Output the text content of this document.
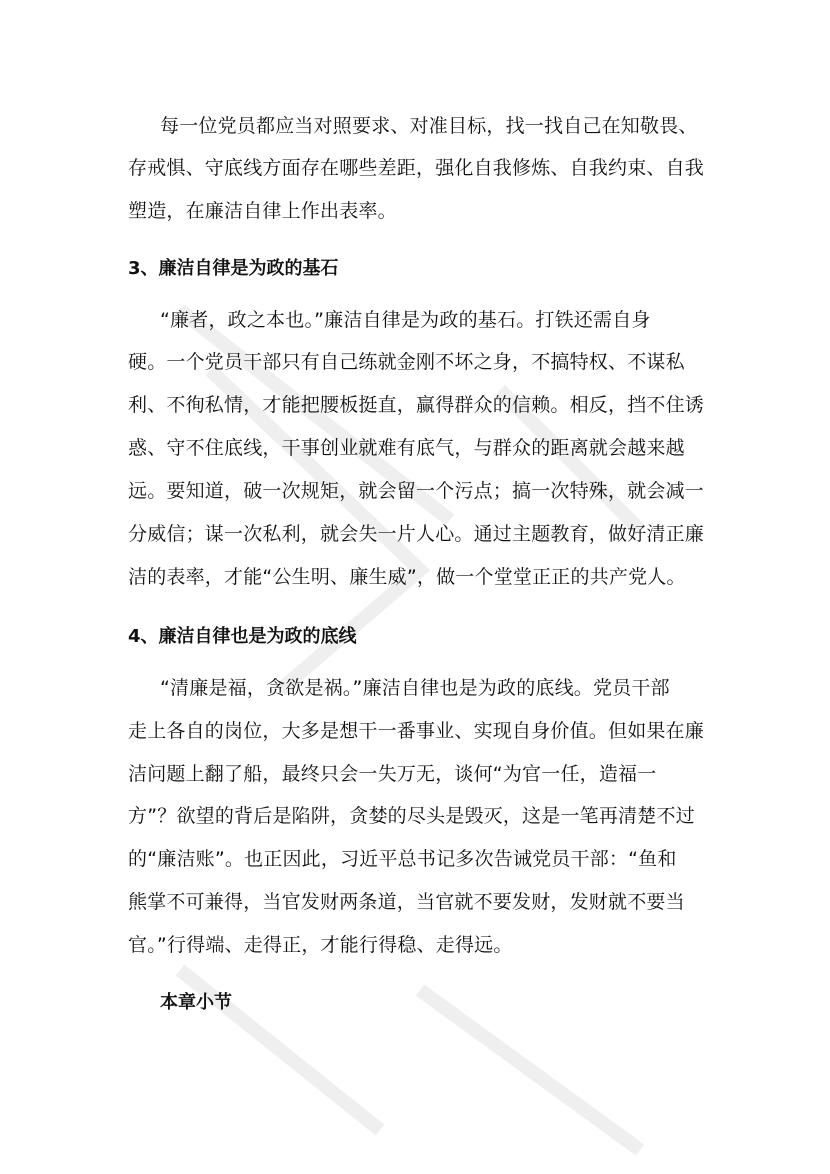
每一位党员都应当对照要求、对准目标，找一找自己在知敬畏、
存戒惧、守底线方面存在哪些差距，强化自我修炼、自我约束、自我
塑造，在廉洁自律上作出表率。
3、廉洁自律是为政的基石
“廉者，政之本也。”廉洁自律是为政的基石。打铁还需自身
硬。一个党员干部只有自己练就金刚不坏之身，不搞特权、不谋私
利、不徇私情，才能把腰板挺直，赢得群众的信赖。相反，挡不住诱
惑、守不住底线，干事创业就难有底气，与群众的距离就会越来越
远。要知道，破一次规矩，就会留一个污点；搞一次特殊，就会减一
分威信；谋一次私利，就会失一片人心。通过主题教育，做好清正廉
洁的表率，才能“公生明、廉生威”，做一个堂堂正正的共产党人。
4、廉洁自律也是为政的底线
“清廉是福，贪欲是祸。”廉洁自律也是为政的底线。党员干部
走上各自的岗位，大多是想干一番事业、实现自身价值。但如果在廉
洁问题上翻了船，最终只会一失万无，谈何“为官一任，造福一
方”？欲望的背后是陷阱，贪婪的尽头是毁灭，这是一笔再清楚不过
的“廉洁账”。也正因此，习近平总书记多次告诫党员干部：“鱼和
熊掌不可兼得，当官发财两条道，当官就不要发财，发财就不要当
官。”行得端、走得正，才能行得稳、走得远。
本章小节
